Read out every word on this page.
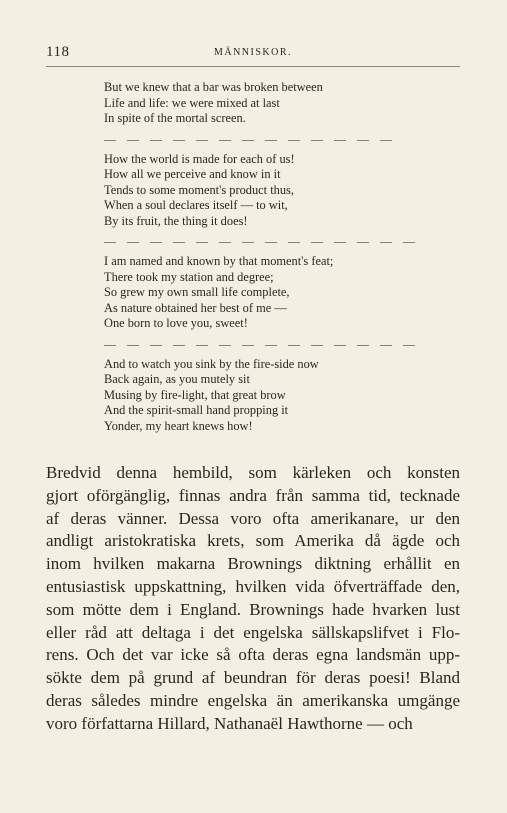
118	MÄNNISKOR.
But we knew that a bar was broken between
Life and life: we were mixed at last
In spite of the mortal screen.
— — — — — — — — — — — — —
How the world is made for each of us!
How all we perceive and know in it
Tends to some moment's product thus,
When a soul declares itself — to wit,
By its fruit, the thing it does!
— — — — — — — — — — — — — —
I am named and known by that moment's feat;
There took my station and degree;
So grew my own small life complete,
As nature obtained her best of me —
One born to love you, sweet!
— — — — — — — — — — — — — —
And to watch you sink by the fire-side now
Back again, as you mutely sit
Musing by fire-light, that great brow
And the spirit-small hand propping it
Yonder, my heart knews how!
Bredvid denna hembild, som kärleken och konsten
gjort oförgänglig, finnas andra från samma tid, tecknade
af deras vänner. Dessa voro ofta amerikanare, ur den
andligt aristokratiska krets, som Amerika då ägde och
inom hvilken makarna Brownings diktning erhållit en
entusiastisk uppskattning, hvilken vida öfverträffade den,
som mötte dem i England. Brownings hade hvarken lust
eller råd att deltaga i det engelska sällskapslifvet i Flo-
rens. Och det var icke så ofta deras egna landsmän upp-
sökte dem på grund af beundran för deras poesi! Bland
deras således mindre engelska än amerikanska umgänge
voro författarna Hillard, Nathanaël Hawthorne — och
